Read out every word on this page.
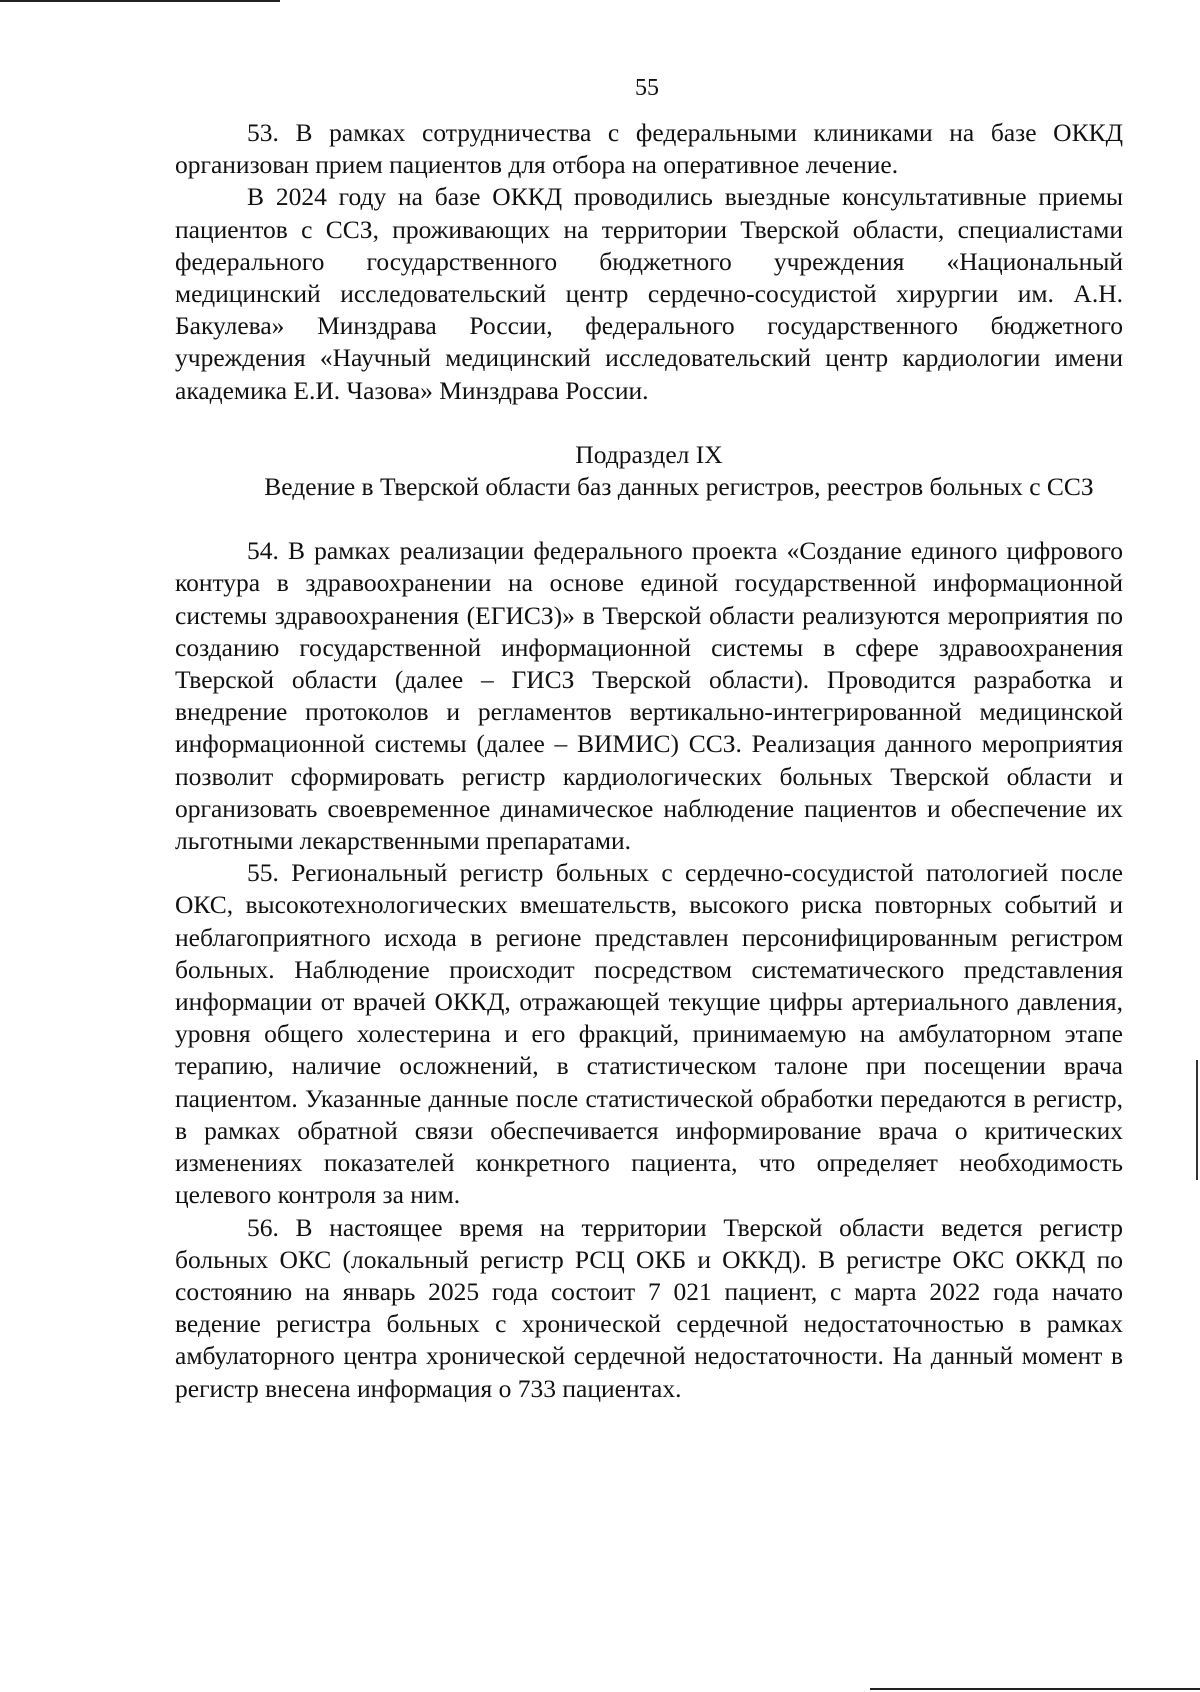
55

53. В рамках сотрудничества с федеральными клиниками на базе ОККД организован прием пациентов для отбора на оперативное лечение.

В 2024 году на базе ОККД проводились выездные консультативные приемы пациентов с ССЗ, проживающих на территории Тверской области, специалистами федерального государственного бюджетного учреждения «Национальный медицинский исследовательский центр сердечно-сосудистой хирургии им. А.Н. Бакулева» Минздрава России, федерального государственного бюджетного учреждения «Научный медицинский исследовательский центр кардиологии имени академика Е.И. Чазова» Минздрава России.

Подраздел IX

Ведение в Тверской области баз данных регистров, реестров больных с ССЗ

54. В рамках реализации федерального проекта «Создание единого цифрового контура в здравоохранении на основе единой государственной информационной системы здравоохранения (ЕГИСЗ)» в Тверской области реализуются мероприятия по созданию государственной информационной системы в сфере здравоохранения Тверской области (далее – ГИСЗ Тверской области). Проводится разработка и внедрение протоколов и регламентов вертикально-интегрированной медицинской информационной системы (далее – ВИМИС) ССЗ. Реализация данного мероприятия позволит сформировать регистр кардиологических больных Тверской области и организовать своевременное динамическое наблюдение пациентов и обеспечение их льготными лекарственными препаратами.

55. Региональный регистр больных с сердечно-сосудистой патологией после ОКС, высокотехнологических вмешательств, высокого риска повторных событий и неблагоприятного исхода в регионе представлен персонифицированным регистром больных. Наблюдение происходит посредством систематического представления информации от врачей ОККД, отражающей текущие цифры артериального давления, уровня общего холестерина и его фракций, принимаемую на амбулаторном этапе терапию, наличие осложнений, в статистическом талоне при посещении врача пациентом. Указанные данные после статистической обработки передаются в регистр, в рамках обратной связи обеспечивается информирование врача о критических изменениях показателей конкретного пациента, что определяет необходимость целевого контроля за ним.

56. В настоящее время на территории Тверской области ведется регистр больных ОКС (локальный регистр РСЦ ОКБ и ОККД). В регистре ОКС ОККД по состоянию на январь 2025 года состоит 7 021 пациент, с марта 2022 года начато ведение регистра больных с хронической сердечной недостаточностью в рамках амбулаторного центра хронической сердечной недостаточности. На данный момент в регистр внесена информация о 733 пациентах.
